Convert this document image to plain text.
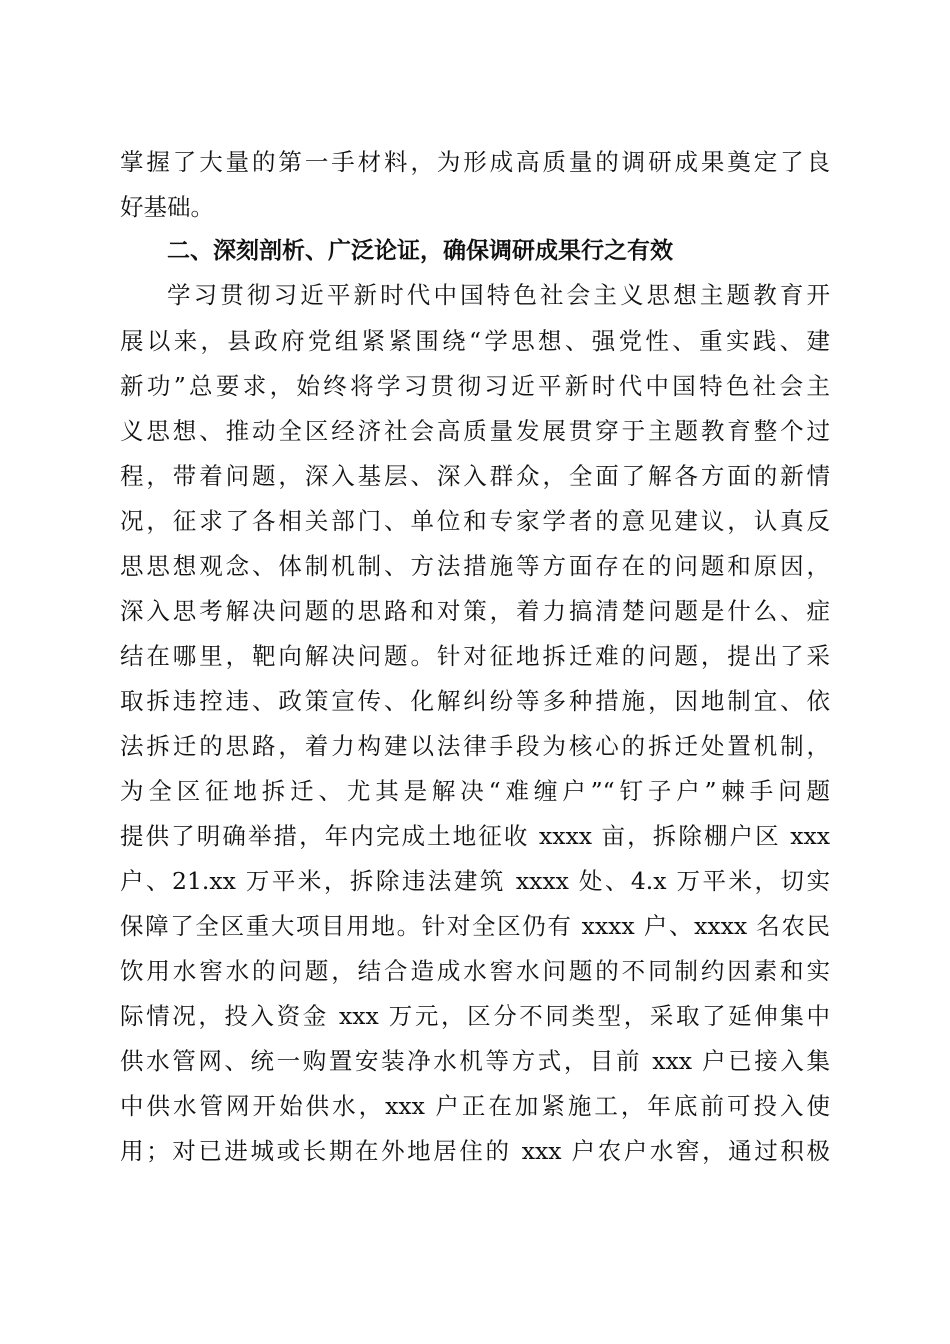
掌握了大量的第一手材料，为形成高质量的调研成果奠定了良
好基础。
二、深刻剖析、广泛论证，确保调研成果行之有效
学习贯彻习近平新时代中国特色社会主义思想主题教育开
展以来，县政府党组紧紧围绕“学思想、强党性、重实践、建
新功”总要求，始终将学习贯彻习近平新时代中国特色社会主
义思想、推动全区经济社会高质量发展贯穿于主题教育整个过
程，带着问题，深入基层、深入群众，全面了解各方面的新情
况，征求了各相关部门、单位和专家学者的意见建议，认真反
思思想观念、体制机制、方法措施等方面存在的问题和原因，
深入思考解决问题的思路和对策，着力搞清楚问题是什么、症
结在哪里，靶向解决问题。针对征地拆迁难的问题，提出了采
取拆违控违、政策宣传、化解纠纷等多种措施，因地制宜、依
法拆迁的思路，着力构建以法律手段为核心的拆迁处置机制，
为全区征地拆迁、尤其是解决“难缠户”“钉子户”棘手问题
提供了明确举措，年内完成土地征收 xxxx 亩，拆除棚户区 xxx
户、21.xx 万平米，拆除违法建筑 xxxx 处、4.x 万平米，切实
保障了全区重大项目用地。针对全区仍有 xxxx 户、xxxx 名农民
饮用水窖水的问题，结合造成水窖水问题的不同制约因素和实
际情况，投入资金 xxx 万元，区分不同类型，采取了延伸集中
供水管网、统一购置安装净水机等方式，目前 xxx 户已接入集
中供水管网开始供水，xxx 户正在加紧施工，年底前可投入使
用；对已进城或长期在外地居住的 xxx 户农户水窖，通过积极
